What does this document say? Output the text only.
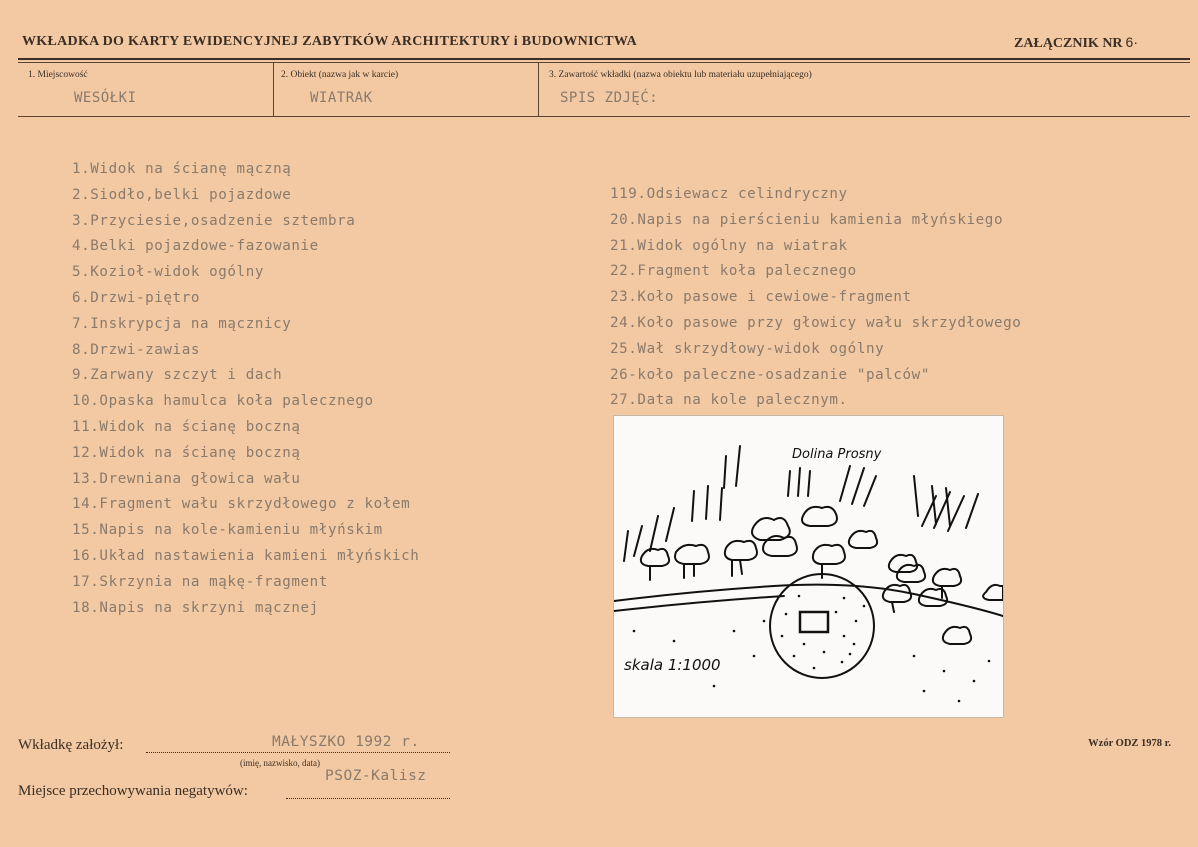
WKŁADKA DO KARTY EWIDENCYJNEJ ZABYTKÓW ARCHITEKTURY i BUDOWNICTWA	ZAŁĄCZNIK NR 6·
1. Miejscowość
WESÓŁKI
2. Obiekt (nazwa jak w karcie)
WIATRAK
3. Zawartość wkładki (nazwa obiektu lub materiału uzupełniającego)
SPIS ZDJĘĆ:
1.Widok na ścianę mączną
2.Siodło,belki pojazdowe
3.Przyciesie,osadzenie sztembra
4.Belki pojazdowe-fazowanie
5.Kozioł-widok ogólny
6.Drzwi-piętro
7.Inskrypcja na mącznicy
8.Drzwi-zawias
9.Zarwany szczyt i dach
10.Opaska hamulca koła palecznego
11.Widok na ścianę boczną
12.Widok na ścianę boczną
13.Drewniana głowica wału
14.Fragment wału skrzydłowego z kołem
15.Napis na kole-kamieniu młyńskim
16.Układ nastawienia kamieni młyńskich
17.Skrzynia na mąkę-fragment
18.Napis na skrzyni mącznej
119.Odsiewacz celindryczny
20.Napis na pierścieniu kamienia młyńskiego
21.Widok ogólny na wiatrak
22.Fragment koła palecznego
23.Koło pasowe i cewiowe-fragment
24.Koło pasowe przy głowicy wału skrzydłowego
25.Wał skrzydłowy-widok ogólny
26-koło paleczne-osadzanie "palców"
27.Data na kole palecznym.
Dolina Prosny
skala 1:1000
Wkładkę założył:	MAŁYSZKO 1992 r.
(imię, nazwisko, data)
PSOZ-Kalisz
Miejsce przechowywania negatywów:
Wzór ODZ 1978 r.
